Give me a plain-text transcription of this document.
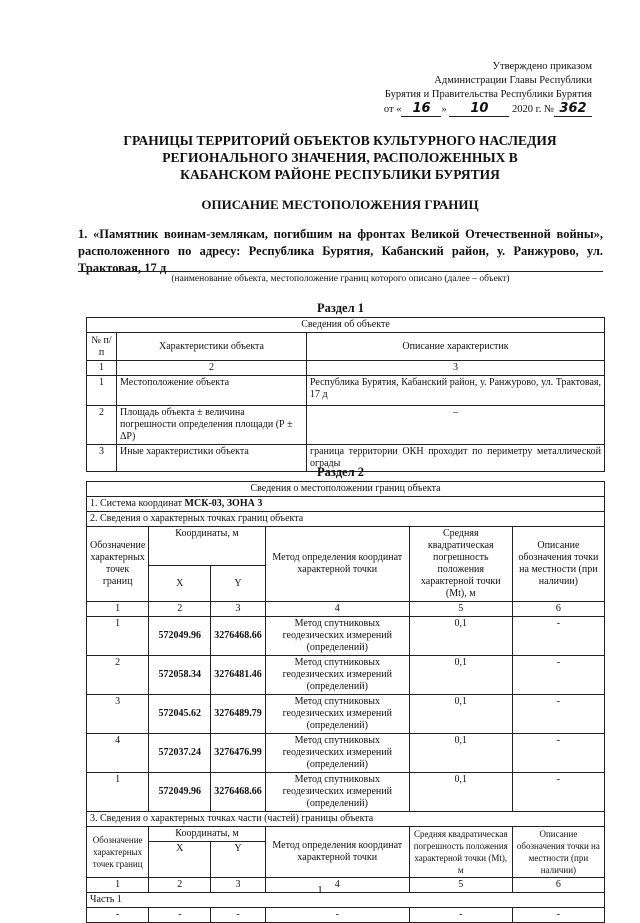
Утверждено приказом
Администрации Главы Республики
Бурятия и Правительства Республики Бурятия
от « 16 » 10 2020 г. № 362
ГРАНИЦЫ ТЕРРИТОРИЙ ОБЪЕКТОВ КУЛЬТУРНОГО НАСЛЕДИЯ
РЕГИОНАЛЬНОГО ЗНАЧЕНИЯ, РАСПОЛОЖЕННЫХ В
КАБАНСКОМ РАЙОНЕ РЕСПУБЛИКИ БУРЯТИЯ
ОПИСАНИЕ МЕСТОПОЛОЖЕНИЯ ГРАНИЦ
1. «Памятник воинам-землякам, погибшим на фронтах Великой Отечественной войны», расположенного по адресу: Республика Бурятия, Кабанский район, у. Ранжурово, ул. Трактовая, 17 д
(наименование объекта, местоположение границ которого описано (далее – объект)
Раздел 1
Сведения об объекте		
№ п/п	Характеристики объекта	Описание характеристик
1	2	3
1	Местоположение объекта	Республика Бурятия, Кабанский район, у. Ранжурово, ул. Трактовая, 17 д
2	Площадь объекта ± величина погрешности определения площади (Р ± ΔР)	–
3	Иные характеристики объекта	граница территории ОКН проходит по периметру металлической ограды
Раздел 2
Сведения о местоположении границ объекта					
1. Система координат МСК-03, ЗОНА 3					
2. Сведения о характерных точках границ объекта					
Обозначение характерных точек границ	Координаты, м		Метод определения координат характерной точки	Средняя квадратическая погрешность положения характерной точки (Mt), м	Описание обозначения точки на местности (при наличии)
	X	Y			
1	2	3	4	5	6
1	572049.96	3276468.66	Метод спутниковых геодезических измерений (определений)	0,1	-
2	572058.34	3276481.46	Метод спутниковых геодезических измерений (определений)	0,1	-
3	572045.62	3276489.79	Метод спутниковых геодезических измерений (определений)	0,1	-
4	572037.24	3276476.99	Метод спутниковых геодезических измерений (определений)	0,1	-
1	572049.96	3276468.66	Метод спутниковых геодезических измерений (определений)	0,1	-
3. Сведения о характерных точках части (частей) границы объекта					
Обозначение характерных точек границ	Координаты, м		Метод определения координат характерной точки	Средняя квадратическая погрешность положения характерной точки (Mt), м	Описание обозначения точки на местности (при наличии)
	X	Y			
1	2	3	4	5	6
Часть 1					
-	-	-	-	-	-
1
